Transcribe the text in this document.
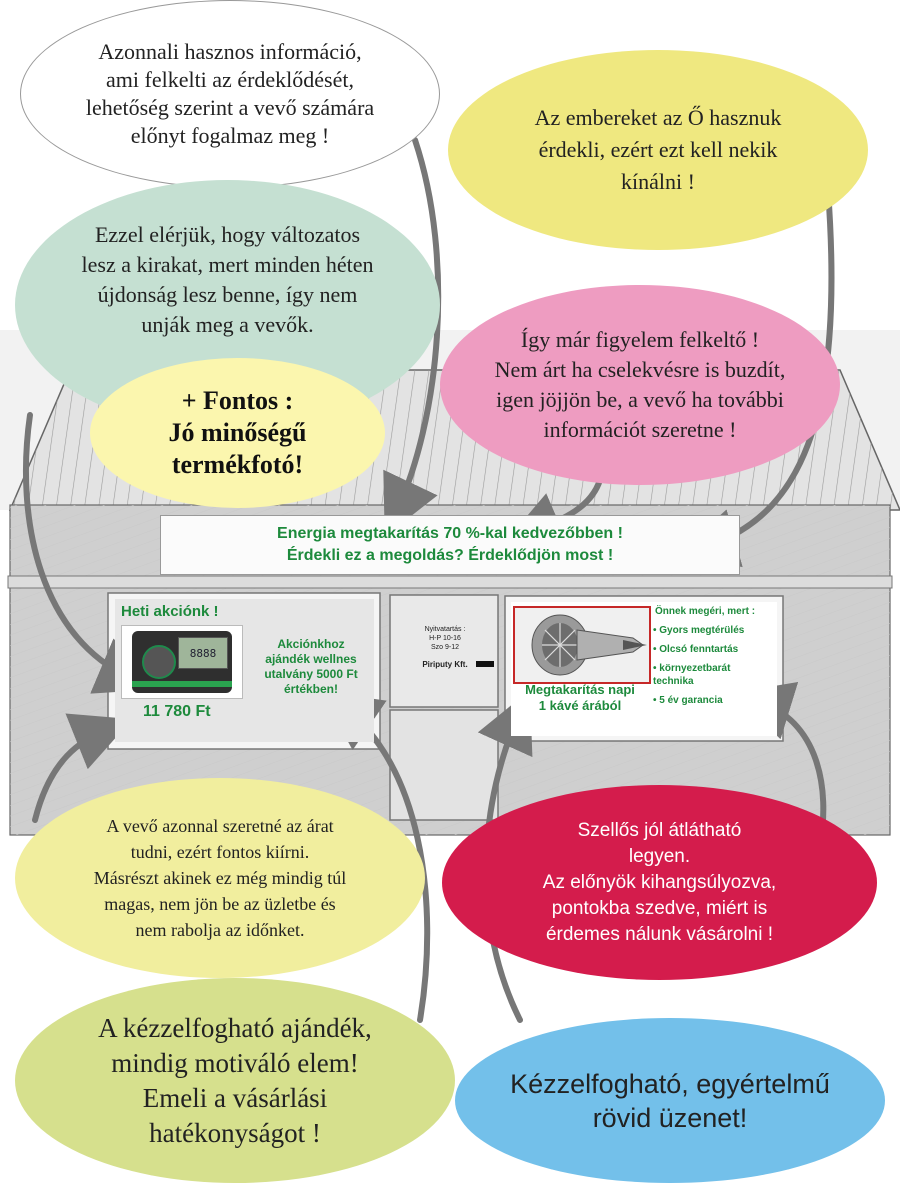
Energia megtakarítás 70 %-kal kedvezőbben !
Érdekli ez a megoldás? Érdeklődjön most !
Heti akciónk !
8888
11 780 Ft
Akciónkhoz
ajándék wellnes
utalvány 5000 Ft
értékben!
Nyitvatartás :
H-P 10-16
Szo 9-12
Piriputy Kft.
Megtakarítás napi
1 kávé árából
Önnek megéri, mert :
• Gyors megtérülés
• Olcsó fenntartás
• környezetbarát
technika
• 5 év garancia
Azonnali hasznos információ,
ami felkelti az érdeklődését,
lehetőség szerint a vevő számára
előnyt fogalmaz meg !
Az embereket az Ő hasznuk
érdekli, ezért ezt kell nekik
kínálni !
Ezzel elérjük, hogy változatos
lesz a kirakat, mert minden héten
újdonság lesz benne, így nem
unják meg a vevők.
+ Fontos :
Jó minőségű
termékfotó!
Így már figyelem felkeltő !
Nem árt ha cselekvésre is buzdít,
igen jöjjön be, a vevő ha további
információt szeretne !
A vevő azonnal szeretné az árat
tudni, ezért fontos kiírni.
Másrészt akinek ez még mindig túl
magas, nem jön be az üzletbe és
nem rabolja az időnket.
Szellős jól átlátható
legyen.
Az előnyök kihangsúlyozva,
pontokba szedve, miért is
érdemes nálunk vásárolni !
A kézzelfogható ajándék,
mindig motiváló elem!
Emeli a vásárlási
hatékonyságot !
Kézzelfogható, egyértelmű
rövid üzenet!
